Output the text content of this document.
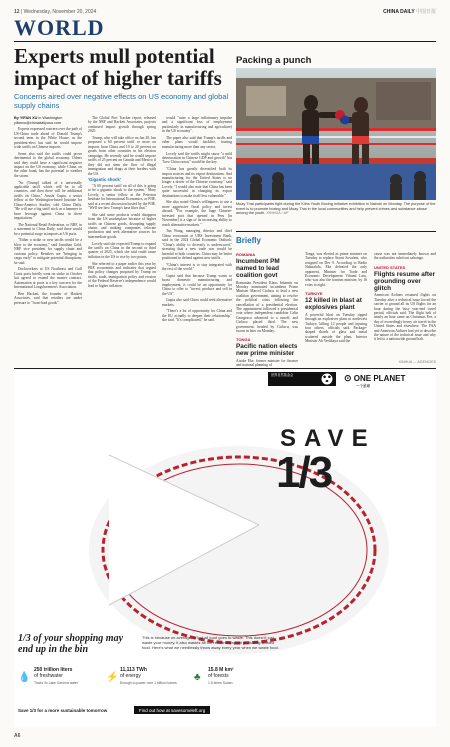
12 | Wednesday, November 20, 2024	CHINA DAILY 中国日报
WORLD
Experts mull potential impact of higher tariffs
Concerns aired over negative effects on US economy and global supply chains
By YIFAN XU in Washington
yifanxu@chinadailyusa.com

Experts expressed concern over the path of US-China trade ahead of Donald Trump's second term in the White House, as the president-elect has said he would impose wide tariffs on Chinese imports.

Some also said the tariffs could prove detrimental to the global economy. Others said they could have a significant negative impact on the US economy, while China, on the other hand, has the potential to weather the storm.

"So [Trump] talked of a universally applicable tariff which will be to all countries, and then there will be additional tariffs on China," Arushi Gupta, a senior fellow at the Washington-based Institute for China-America Studies, told China Daily. "He will use a big tariff stick as a hammer to have leverage against China in these negotiations."

The National Retail Federation, or NRF, in a statement to China Daily, said there would be a potential surge in imports at US ports.

"Either a strike or new tariffs would be a blow to the economy," said Jonathan Gold, NRF vice president for supply chain and customs policy. Retailers are "bringing in cargo early" to mitigate potential disruptions, he said.

Dockworkers at US Northeast and Gulf Coast ports briefly went on strike in October but agreed to extend the master contract. Automation at ports is a key concern for the International Longshoremen's Association.

Ben Hackett, the founder of Hackett Associates, said that retailers are under pressure to "front-load goods".

The Global Port Tracker report, released by the NRF and Hackett Associates, projects continued import growth through spring 2025.

Trump, who will take office on Jan 20, has proposed a 60 percent tariff or more on imports from China and 10 to 20 percent on goods from other countries in his election campaign. He recently said he would impose tariffs of 25 percent on Canada and Mexico if they did not stem the flow of illegal immigration and drugs at their borders with the US.

'Gigantic shock'

"A 60 percent tariff on all of this is going to be a gigantic shock to the system," Mary Lovely, a senior fellow at the Peterson Institute for International Economics, or PIIE, said at a recent discussion hosted by the PIIE. "We'll see how Trump's base likes that."

She said some products would disappear from the US marketplace because of higher tariffs on Chinese goods, disrupting supply chains and making companies relocate production and seek alternative sources for intermediate goods.

Lovely said she expected Trump to expand the tariffs on China in the second or third quarter of 2025, which she said could cause inflation in the US to rise by two points.

She referred to a paper earlier this year by PIIE economists and indicates that argued that policy changes proposed by Trump on tariffs, trade, immigration policy and erosion of the Federal Reserve's independence would lead to higher inflation.

would "raise a large inflationary impulse and a significant loss of employment particularly in manufacturing and agriculture) in the US economy".

The paper also said that Trump's tariffs and other plans would backfire, hurting manufacturing more than any sector.

Lovely said the tariffs might cause "a mild deterioration in Chinese GDP and growth" but "how China reacts" would be the key.

"China has greatly diversified both its import sources and its export destinations. And manufacturing for the United States is no longer a driver of the Chinese economy," said Lovely. "I would also note that China has been quite successful in changing its export destinations to make itself less vulnerable."

She also noted China's willingness to use a more aggressive fiscal policy and invest abroad. "For example, the huge Chinese-invested port that opened in Peru [in November] is a sign of its increasing ability to reach alternative markets."

Tan Wang, managing director and chief China economist at UBS Investment Bank, said in the 2024 Global Economic Outlook: "China's ability to diversify is underscored," stressing that a new trade war would be harmful to both countries. China may be better positioned to defend against new tariffs.

"China's interest is to stay integrated with the rest of the world."

Gupta said that because Trump wants to boost domestic manufacturing and employment, it could be an opportunity for China to offer to "invest, produce and sell in the US".

Gupta also said China could seek alternative markets.

"There's a lot of opportunity for China and the EU actually to deepen their relationship," she said. "It's complicated," he said.

Packing a punch
Muay Thai participants fight during the Kilns Youth Boxing Initiative exhibition in Nairobi on Monday. The purpose of the event is to promote boxing and Muay Thai in the local communities and help prevent crimes and substance abuse among the youth. XINHUA / AP
Briefly
ROMANIA
Incumbent PM named to lead coalition govt
Romanian President Klaus Iohannis on Monday nominated incumbent Prime Minister Marcel Ciolacu to lead a new coalition government, aiming to resolve the political crisis following the cancellation of a presidential election. The appointment followed a presidential vote where independent candidate Calin Georgescu advanced to a runoff, and Ciolacu placed third. The new government, headed by Ciolacu, was sworn in later on Monday.
TONGA
Pacific nation elects new prime minister
Aisake Eke, former minister for finance and national planning of
Tonga, was elected as prime minister on Tuesday to replace Siaosi Sovaleni, who resigned on Dec 9. According to Radio Nukualofa, Eke defeated the only opponent, Minister for Trade and Economic Development Viliami Latu, who was also the tourism minister, by 16 votes to eight.
TURKIYE
12 killed in blast at explosives plant
A powerful blast on Tuesday ripped through an explosives plant in northwest Turkiye, killing 12 people and injuring four others, officials said. Package-shaped shards of glass and metal scattered outside the plant, Interior Minister Ali Yerlikaya said the
cause was not immediately known and the authorities ruled out sabotage.
UNITED STATES
Flights resume after grounding over glitch
American Airlines resumed flights on Tuesday after a technical issue forced the carrier to ground all its US flights for an hour during the busy year-end travel period, officials said. The flight halt of nearly an hour came on Christmas Eve, a day of exceedingly heavy air travel in the United States and elsewhere. The FAA and American Airlines had yet to describe the nature of the technical issue and why it led to a nationwide ground halt.
XINHUA — AGENCIES
世界自然基金会	⊙ ONE PLANET
一个星球
SAVE
1/3
1/3 of your shopping may end up in the bin
This is because on average, 1/3 of all food goes to waste. This doesn't just waste your money, it also wastes all the resources spent producing wasted food. Here's what we needlessly throw away every year when we waste food.
💧
250 trillion liters
of freshwater
That's 3x Lake Geneva water	⚡
11,113 TWh
of energy
Enough to power over 1 billion homes	♣
15.8 M km²
of forests
1.5 times Sudan
Save 1/3 for a more sustainable tomorrow	Find out how at savesomeleft.org
A6
